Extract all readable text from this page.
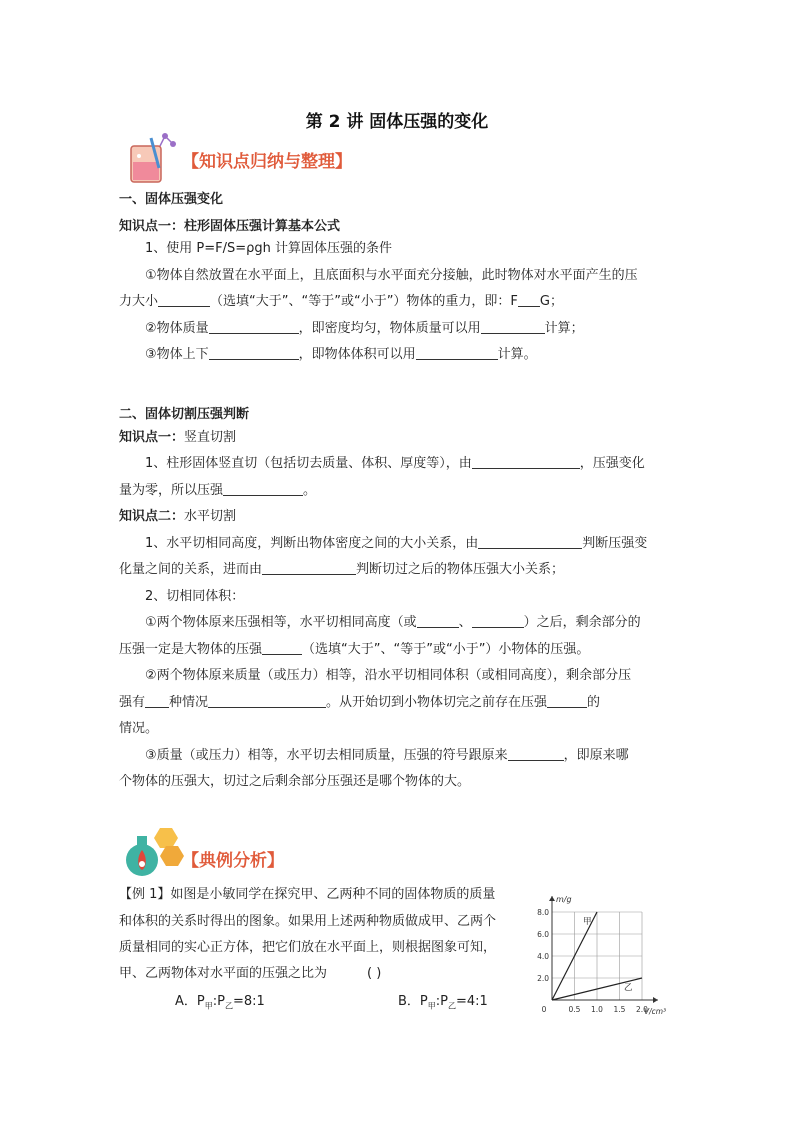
第 2 讲 固体压强的变化
【知识点归纳与整理】
一、固体压强变化
知识点一：柱形固体压强计算基本公式
1、使用 P=F/S=ρgh 计算固体压强的条件
①物体自然放置在水平面上，且底面积与水平面充分接触，此时物体对水平面产生的压
力大小	（选填“大于”、“等于”或“小于”）物体的重力，即：F G；
②物体质量	，即密度均匀，物体质量可以用	计算；
③物体上下	，即物体体积可以用	计算。
二、固体切割压强判断
知识点一：竖直切割
1、柱形固体竖直切（包括切去质量、体积、厚度等），由	，压强变化
量为零，所以压强	。
知识点二：水平切割
1、水平切相同高度，判断出物体密度之间的大小关系，由	判断压强变
化量之间的关系，进而由	判断切过之后的物体压强大小关系；
2、切相同体积：
①两个物体原来压强相等，水平切相同高度（或	、	）之后，剩余部分的
压强一定是大物体的压强	（选填“大于”、“等于”或“小于”）小物体的压强。
②两个物体原来质量（或压力）相等，沿水平切相同体积（或相同高度），剩余部分压
强有 种情况	。从开始切到小物体切完之前存在压强	的
情况。
③质量（或压力）相等，水平切去相同质量，压强的符号跟原来	，即原来哪
个物体的压强大，切过之后剩余部分压强还是哪个物体的大。
【典例分析】
【例 1】如图是小敏同学在探究甲、乙两种不同的固体物质的质量
和体积的关系时得出的图象。如果用上述两种物质做成甲、乙两个
质量相同的实心正方体，把它们放在水平面上，则根据图象可知，
甲、乙两物体对水平面的压强之比为	( )
A．$P_甲:P_乙=8:1$	B．$P_甲:P_乙=4:1$
0	0.5 1.0 1.5 2.0
2.0
4.0
6.0
8.0
m/g
V/cm³
甲
乙
